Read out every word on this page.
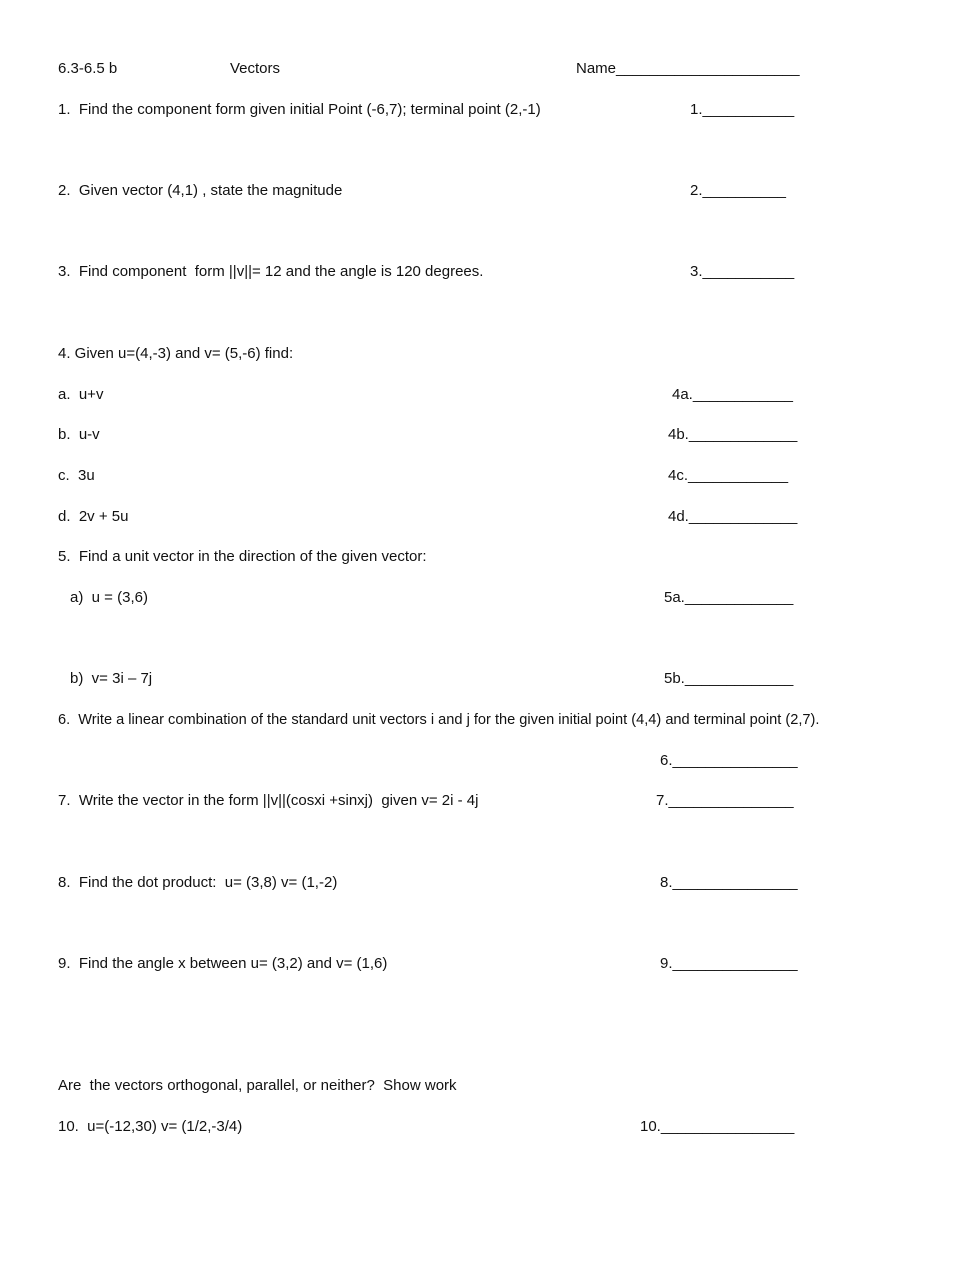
6.3-6.5 b	Vectors	Name______________________
1.  Find the component form given initial Point (-6,7); terminal point (2,-1)	1.___________
2.  Given vector (4,1) , state the magnitude	2.__________
3.  Find component  form ||v||= 12 and the angle is 120 degrees.	3.___________
4. Given u=(4,-3) and v= (5,-6) find:
a.  u+v	4a.____________
b.  u-v	4b._____________
c.  3u	4c.____________
d.  2v + 5u	4d._____________
5.  Find a unit vector in the direction of the given vector:
a)  u = (3,6)	5a._____________
b)  v= 3i – 7j	5b._____________
6.  Write a linear combination of the standard unit vectors i and j for the given initial point (4,4) and terminal point (2,7).
6._______________
7.  Write the vector in the form ||v||(cosxi +sinxj)  given v= 2i - 4j	7._______________
8.  Find the dot product:  u= (3,8) v= (1,-2)	8._______________
9.  Find the angle x between u= (3,2) and v= (1,6)	9._______________
Are  the vectors orthogonal, parallel, or neither?  Show work
10.  u=(-12,30) v= (1/2,-3/4)	10.________________
